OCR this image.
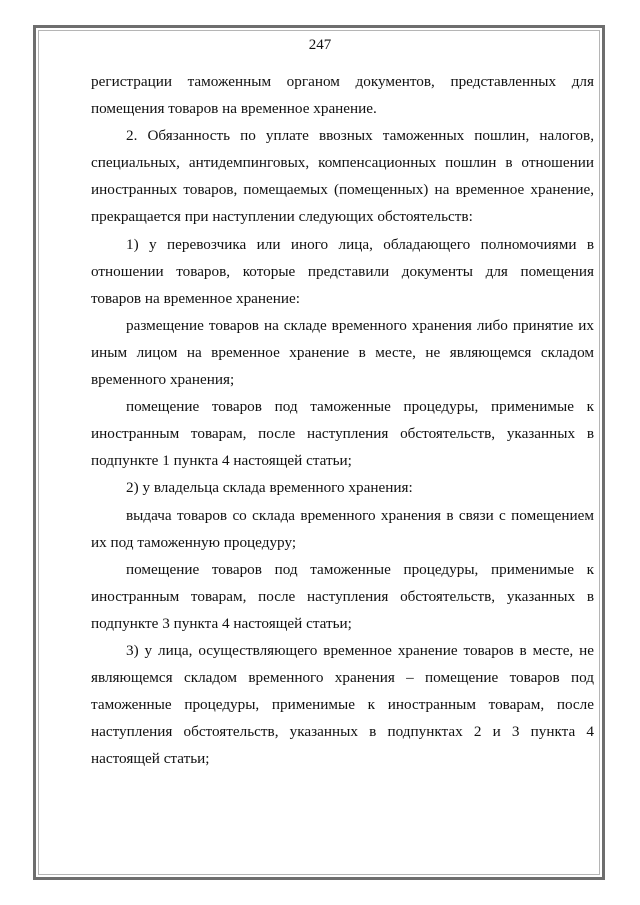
247

регистрации таможенным органом документов, представленных для помещения товаров на временное хранение.

2. Обязанность по уплате ввозных таможенных пошлин, налогов, специальных, антидемпинговых, компенсационных пошлин в отношении иностранных товаров, помещаемых (помещенных) на временное хранение, прекращается при наступлении следующих обстоятельств:

1) у перевозчика или иного лица, обладающего полномочиями в отношении товаров, которые представили документы для помещения товаров на временное хранение:

размещение товаров на складе временного хранения либо принятие их иным лицом на временное хранение в месте, не являющемся складом временного хранения;

помещение товаров под таможенные процедуры, применимые к иностранным товарам, после наступления обстоятельств, указанных в подпункте 1 пункта 4 настоящей статьи;

2) у владельца склада временного хранения:

выдача товаров со склада временного хранения в связи с помещением их под таможенную процедуру;

помещение товаров под таможенные процедуры, применимые к иностранным товарам, после наступления обстоятельств, указанных в подпункте 3 пункта 4 настоящей статьи;

3) у лица, осуществляющего временное хранение товаров в месте, не являющемся складом временного хранения – помещение товаров под таможенные процедуры, применимые к иностранным товарам, после наступления обстоятельств, указанных в подпунктах 2 и 3 пункта 4 настоящей статьи;
